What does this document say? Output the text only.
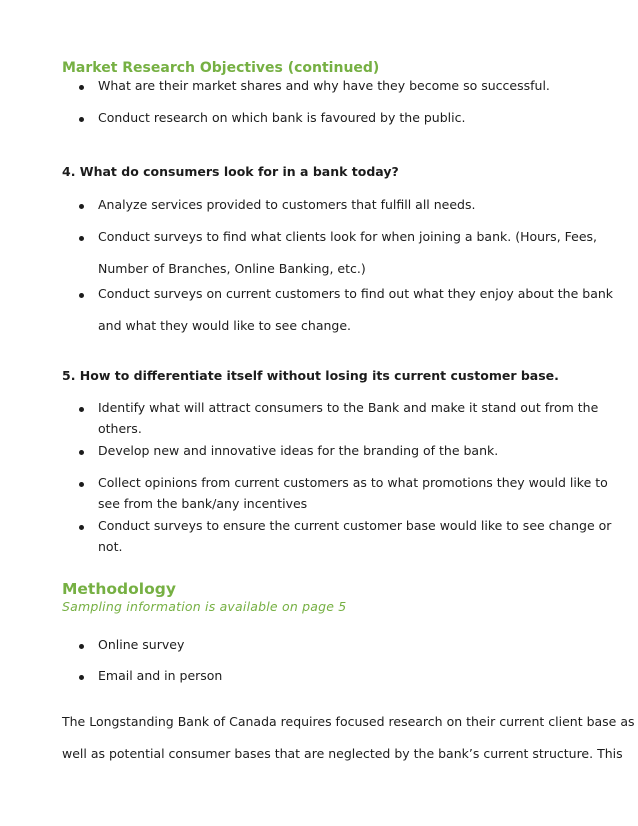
Market Research Objectives (continued)
What are their market shares and why have they become so successful.
Conduct research on which bank is favoured by the public.
4. What do consumers look for in a bank today?
Analyze services provided to customers that fulfill all needs.
Conduct surveys to find what clients look for when joining a bank. (Hours, Fees,
Number of Branches, Online Banking, etc.)
Conduct surveys on current customers to find out what they enjoy about the bank
and what they would like to see change.
5. How to differentiate itself without losing its current customer base.
Identify what will attract consumers to the Bank and make it stand out from the
others.
Develop new and innovative ideas for the branding of the bank.
Collect opinions from current customers as to what promotions they would like to
see from the bank/any incentives
Conduct surveys to ensure the current customer base would like to see change or
not.
Methodology
Sampling information is available on page 5
Online survey
Email and in person
The Longstanding Bank of Canada requires focused research on their current client base as
well as potential consumer bases that are neglected by the bank’s current structure. This
